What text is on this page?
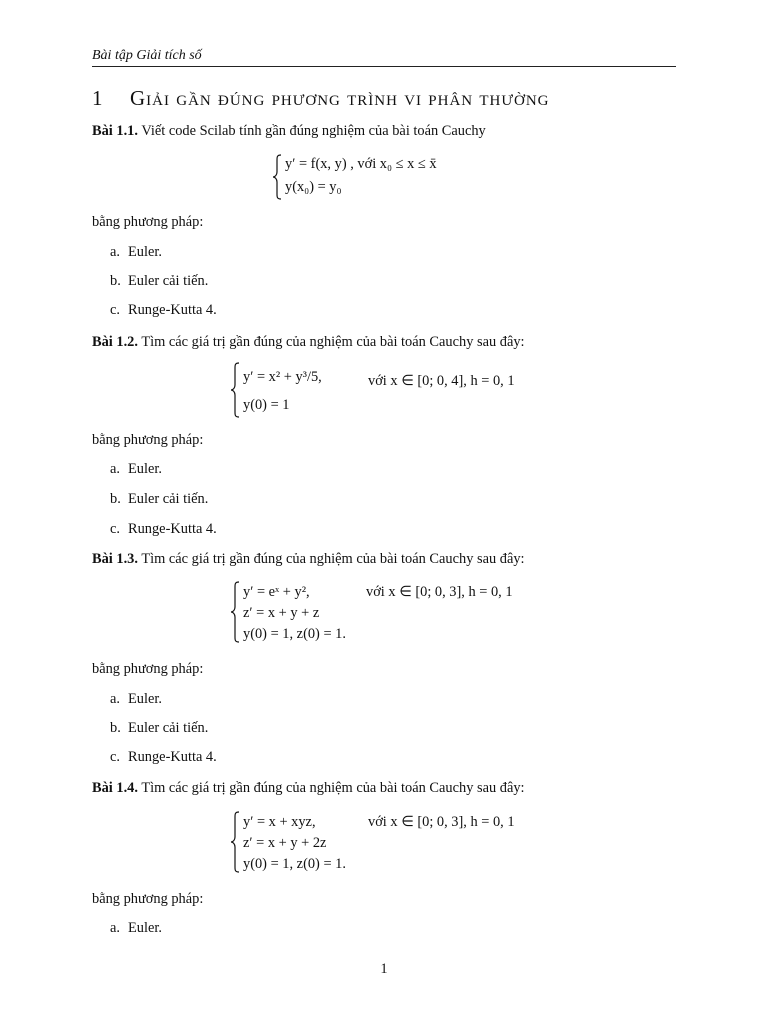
Bài tập Giải tích số
1 Giải gần đúng phương trình vi phân thường
Bài 1.1. Viết code Scilab tính gần đúng nghiệm của bài toán Cauchy
y′ = f(x, y) , với x₀ ≤ x ≤ x̄
y(x₀) = y₀
bằng phương pháp:
a. Euler.
b. Euler cải tiến.
c. Runge-Kutta 4.
Bài 1.2. Tìm các giá trị gần đúng của nghiệm của bài toán Cauchy sau đây:
y′ = x² + y³/5,
y(0) = 1
với x ∈ [0; 0, 4], h = 0, 1
bằng phương pháp:
a. Euler.
b. Euler cải tiến.
c. Runge-Kutta 4.
Bài 1.3. Tìm các giá trị gần đúng của nghiệm của bài toán Cauchy sau đây:
y′ = eˣ + y²,
z′ = x + y + z
y(0) = 1, z(0) = 1.
với x ∈ [0; 0, 3], h = 0, 1
bằng phương pháp:
a. Euler.
b. Euler cải tiến.
c. Runge-Kutta 4.
Bài 1.4. Tìm các giá trị gần đúng của nghiệm của bài toán Cauchy sau đây:
y′ = x + xyz,
z′ = x + y + 2z
y(0) = 1, z(0) = 1.
với x ∈ [0; 0, 3], h = 0, 1
bằng phương pháp:
a. Euler.
1
